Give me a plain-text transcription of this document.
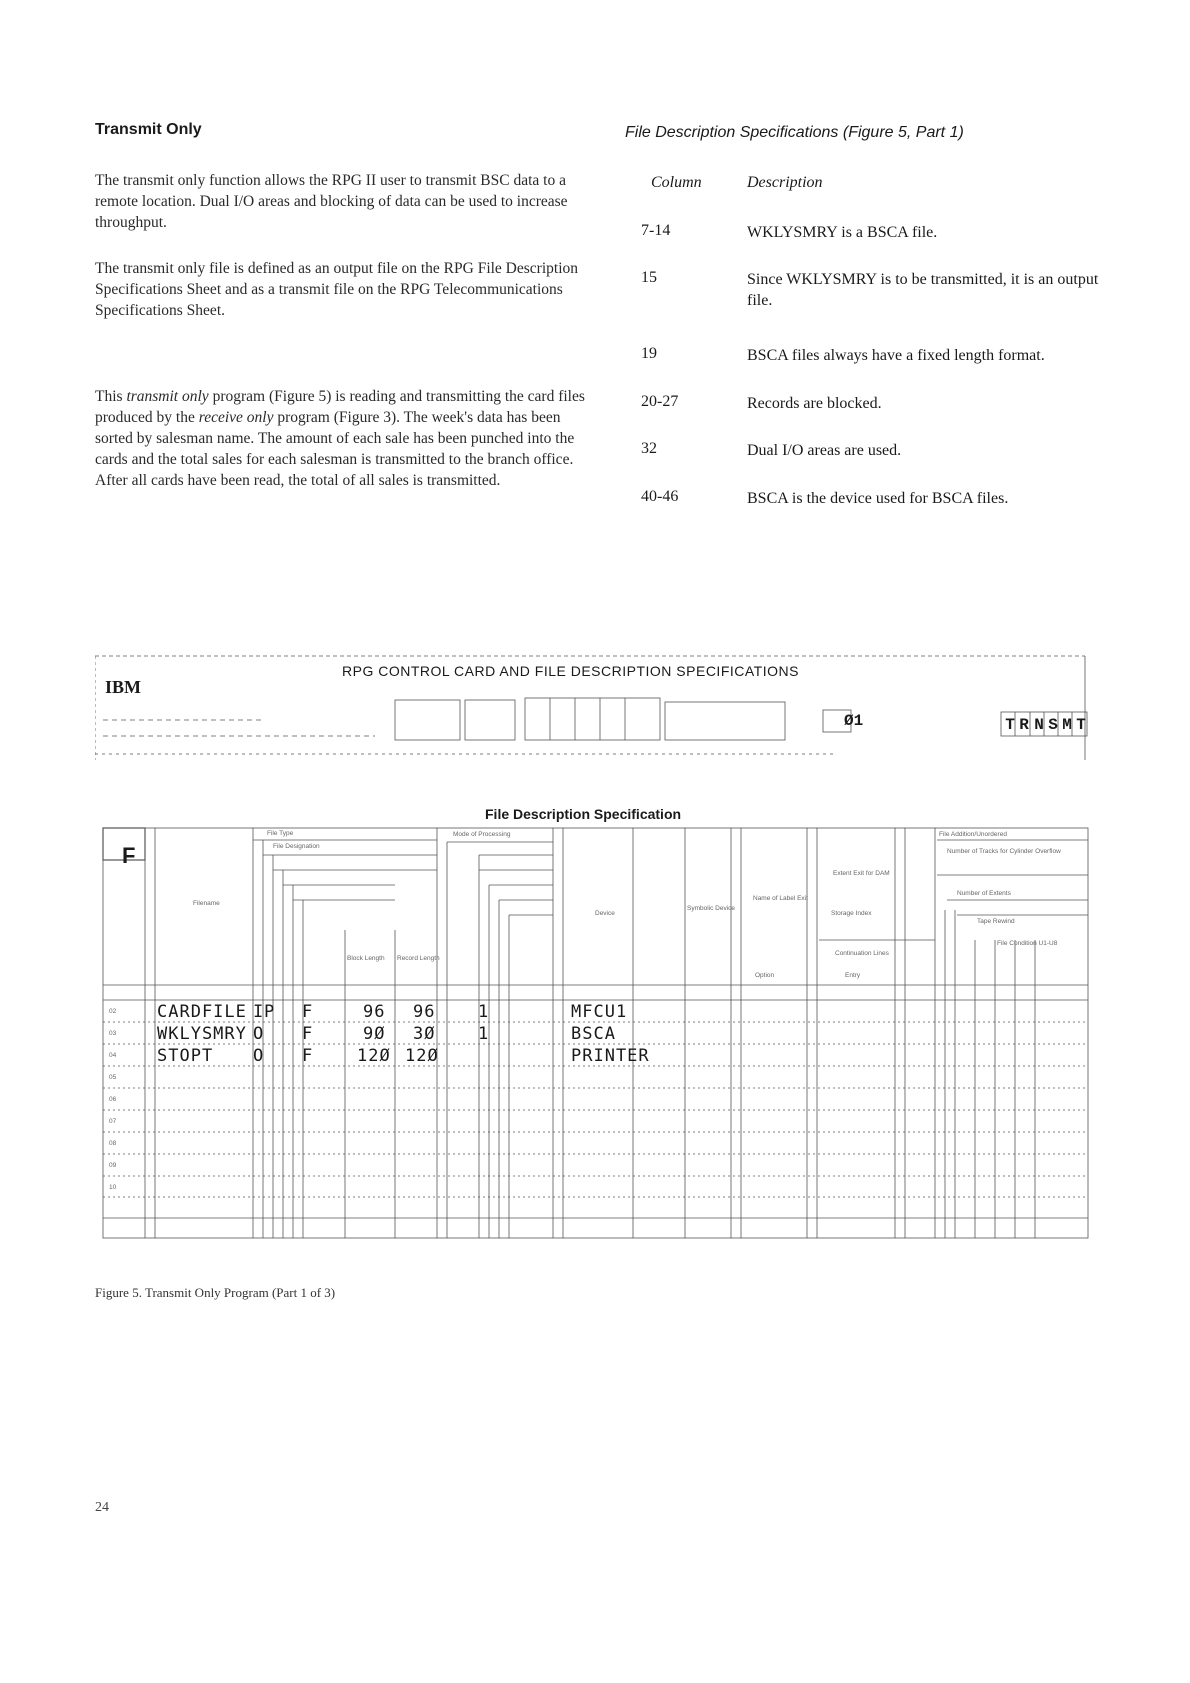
Transmit Only

The transmit only function allows the RPG II user to transmit BSC data to a remote location. Dual I/O areas and blocking of data can be used to increase throughput.

The transmit only file is defined as an output file on the RPG File Description Specifications Sheet and as a transmit file on the RPG Telecommunications Specifications Sheet.

This transmit only program (Figure 5) is reading and transmitting the card files produced by the receive only program (Figure 3). The week's data has been sorted by salesman name. The amount of each sale has been punched into the cards and the total sales for each salesman is transmitted to the branch office. After all cards have been read, the total of all sales is transmitted.

File Description Specifications (Figure 5, Part 1)
Column	Description
7-14	WKLYSMRY is a BSCA file.
15	Since WKLYSMRY is to be transmitted, it is an output file.
19	BSCA files always have a fixed length format.
20-27	Records are blocked.
32	Dual I/O areas are used.
40-46	BSCA is the device used for BSCA files.
RPG CONTROL CARD AND FILE DESCRIPTION SPECIFICATIONS
IBM
Ø1	T R N S M T
File Description Specification
F
Filename
File Type
File Designation
Block Length Record Length
Mode of Processing
Device
Symbolic Device
Name of Label Exit
Extent Exit for DAM
Storage Index
Continuation Lines
Option	Entry
File Addition/Unordered
Number of Tracks for Cylinder Overflow
Number of Extents
Tape Rewind
File Condition U1-U8
02
03
04
05
06
07
08
09
10
CARDFILE I P F	96 96	1	MFCU1
WKLYSMRY O F	9Ø 3Ø	1	BSCA
STOPT O F	12Ø 12Ø	PRINTER
Figure 5. Transmit Only Program (Part 1 of 3)
24
